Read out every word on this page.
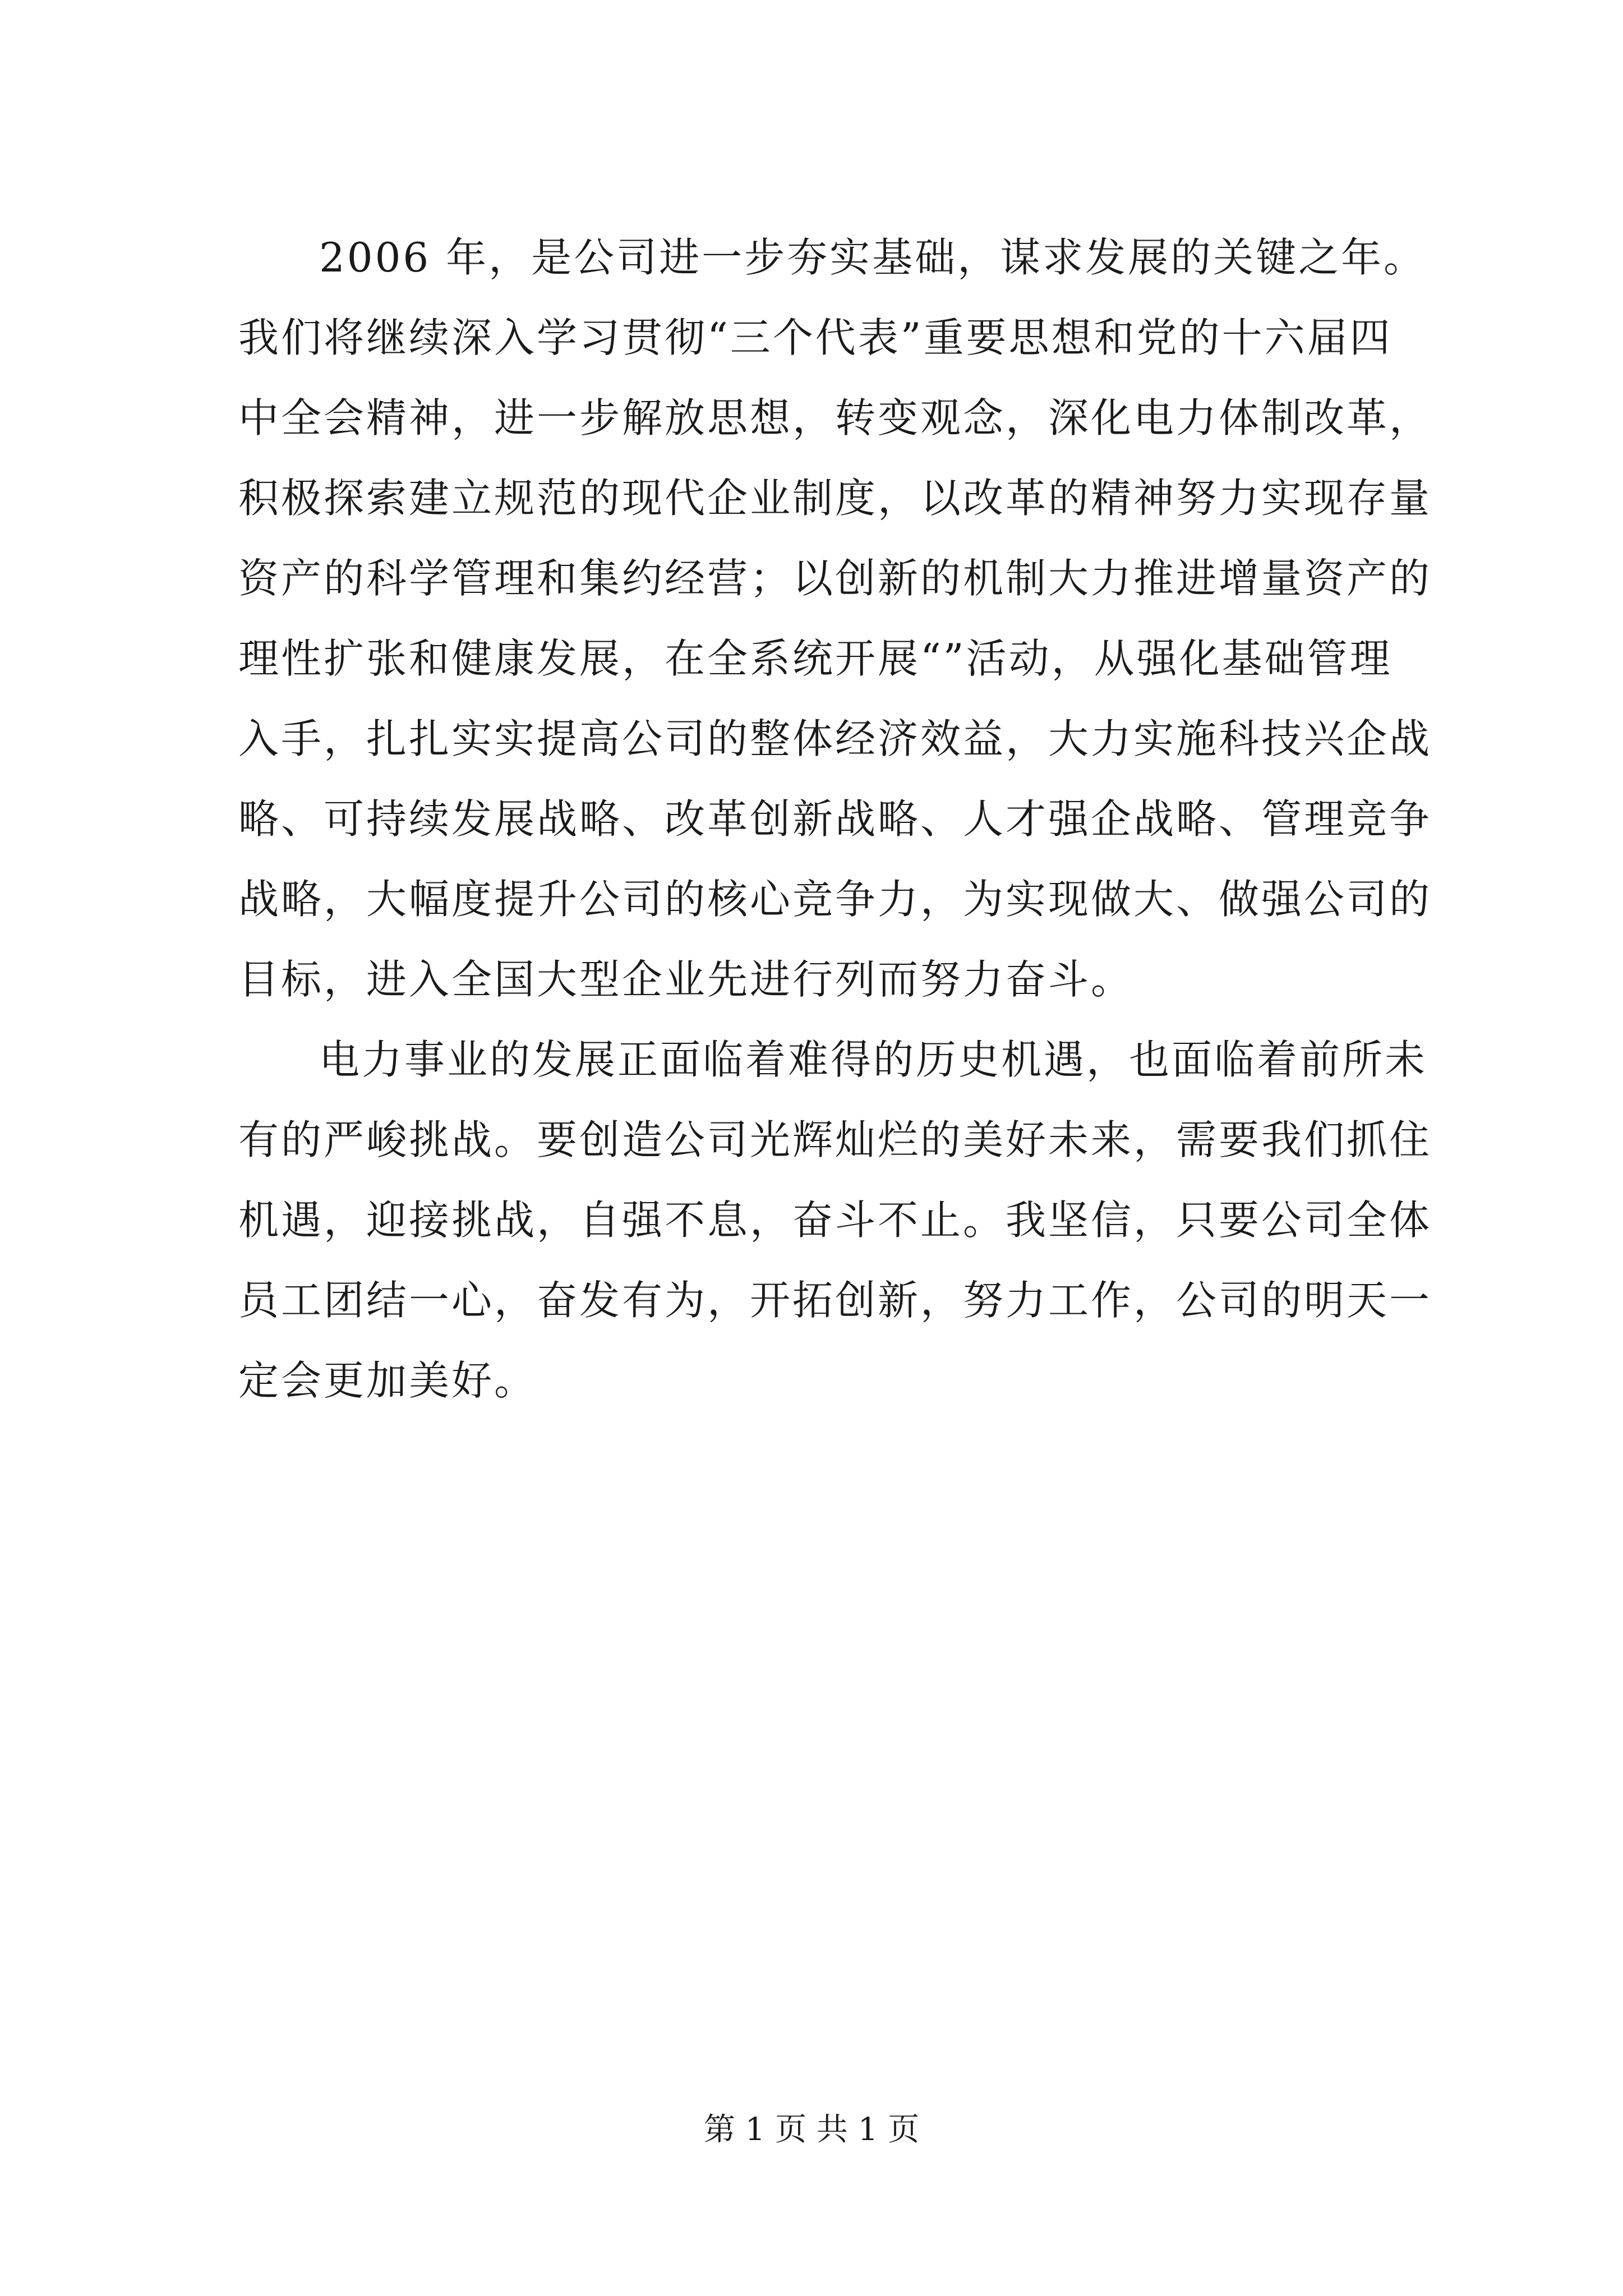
2006 年，是公司进一步夯实基础，谋求发展的关键之年。
我们将继续深入学习贯彻“三个代表”重要思想和党的十六届四
中全会精神，进一步解放思想，转变观念，深化电力体制改革，
积极探索建立规范的现代企业制度，以改革的精神努力实现存量
资产的科学管理和集约经营；以创新的机制大力推进增量资产的
理性扩张和健康发展，在全系统开展“”活动，从强化基础管理
入手，扎扎实实提高公司的整体经济效益，大力实施科技兴企战
略、可持续发展战略、改革创新战略、人才强企战略、管理竞争
战略，大幅度提升公司的核心竞争力，为实现做大、做强公司的
目标，进入全国大型企业先进行列而努力奋斗。

电力事业的发展正面临着难得的历史机遇，也面临着前所未
有的严峻挑战。要创造公司光辉灿烂的美好未来，需要我们抓住
机遇，迎接挑战，自强不息，奋斗不止。我坚信，只要公司全体
员工团结一心，奋发有为，开拓创新，努力工作，公司的明天一
定会更加美好。

第 1 页 共 1 页
